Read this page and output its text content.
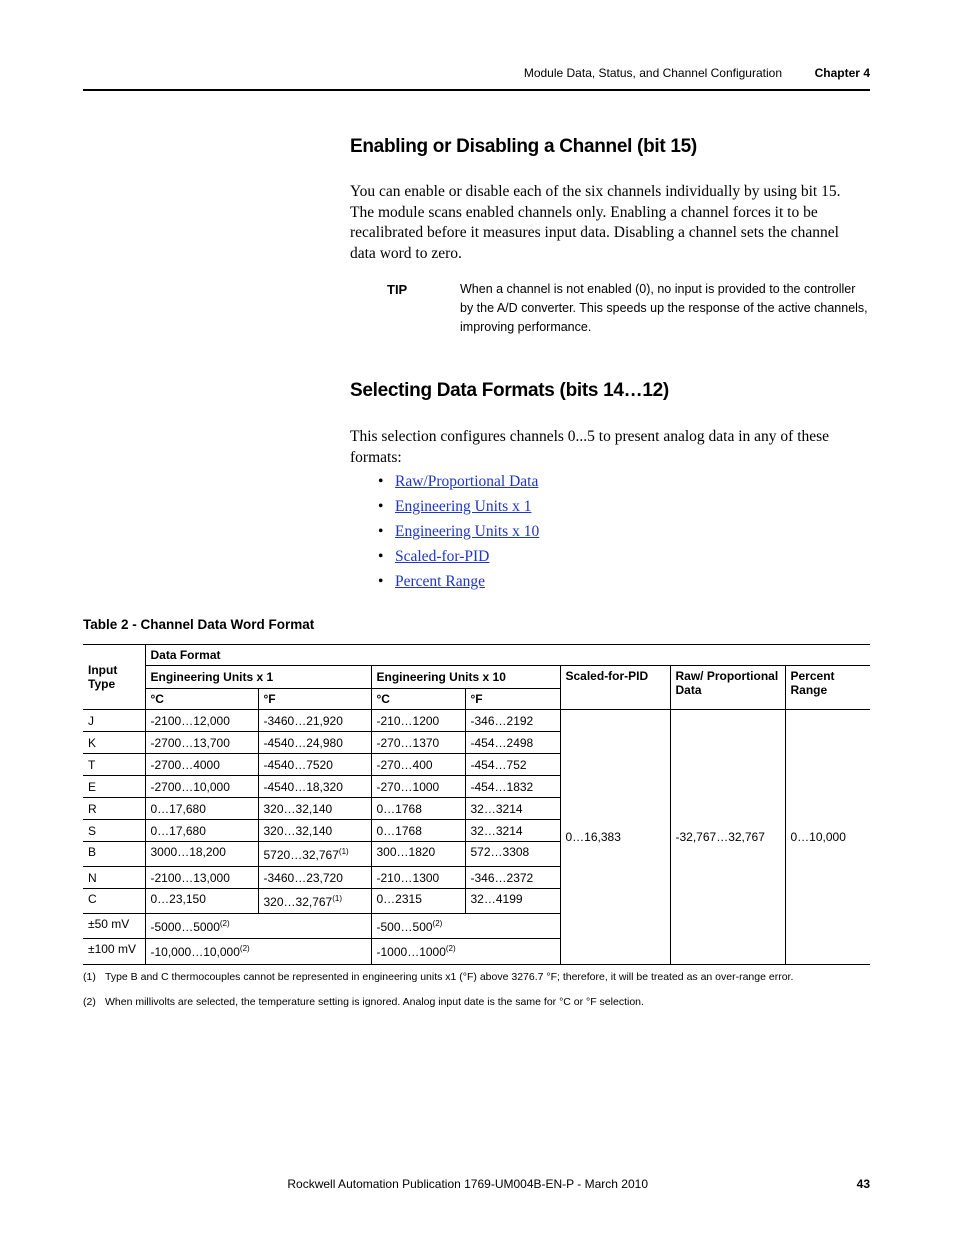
Module Data, Status, and Channel Configuration	Chapter 4
Enabling or Disabling a Channel (bit 15)

You can enable or disable each of the six channels individually by using bit 15. The module scans enabled channels only. Enabling a channel forces it to be recalibrated before it measures input data. Disabling a channel sets the channel data word to zero.

TIP	When a channel is not enabled (0), no input is provided to the controller by the A/D converter. This speeds up the response of the active channels, improving performance.

Selecting Data Formats (bits 14…12)

This selection configures channels 0...5 to present analog data in any of these formats:

• Raw/Proportional Data
• Engineering Units x 1
• Engineering Units x 10
• Scaled-for-PID
• Percent Range
Table 2 - Channel Data Word Format
Input Type	Data Format						
	Engineering Units x 1		Engineering Units x 10		Scaled-for-PID	Raw/ Proportional Data	Percent Range
	°C	°F	°C	°F			
J	-2100…12,000	-3460…21,920	-210…1200	-346…2192	0…16,383	-32,767…32,767	0…10,000
K	-2700…13,700	-4540…24,980	-270…1370	-454…2498			
T	-2700…4000	-4540…7520	-270…400	-454…752			
E	-2700…10,000	-4540…18,320	-270…1000	-454…1832			
R	0…17,680	320…32,140	0…1768	32…3214			
S	0…17,680	320…32,140	0…1768	32…3214			
B	3000…18,200	5720…32,767$^{(1)}$	300…1820	572…3308			
N	-2100…13,000	-3460…23,720	-210…1300	-346…2372			
C	0…23,150	320…32,767$^{(1)}$	0…2315	32…4199			
±50 mV	-5000…5000$^{(2)}$		$-500\dots 500^{(2)}$
±100 mV	-10,000…10,000$^{(2)}$		-1000…1000$^{(2)}$
(1) Type B and C thermocouples cannot be represented in engineering units x1 (°F) above 3276.7 °F; therefore, it will be treated as an over-range error.
(2) When millivolts are selected, the temperature setting is ignored. Analog input date is the same for °C or °F selection.
Rockwell Automation Publication 1769-UM004B-EN-P - March 2010	43
